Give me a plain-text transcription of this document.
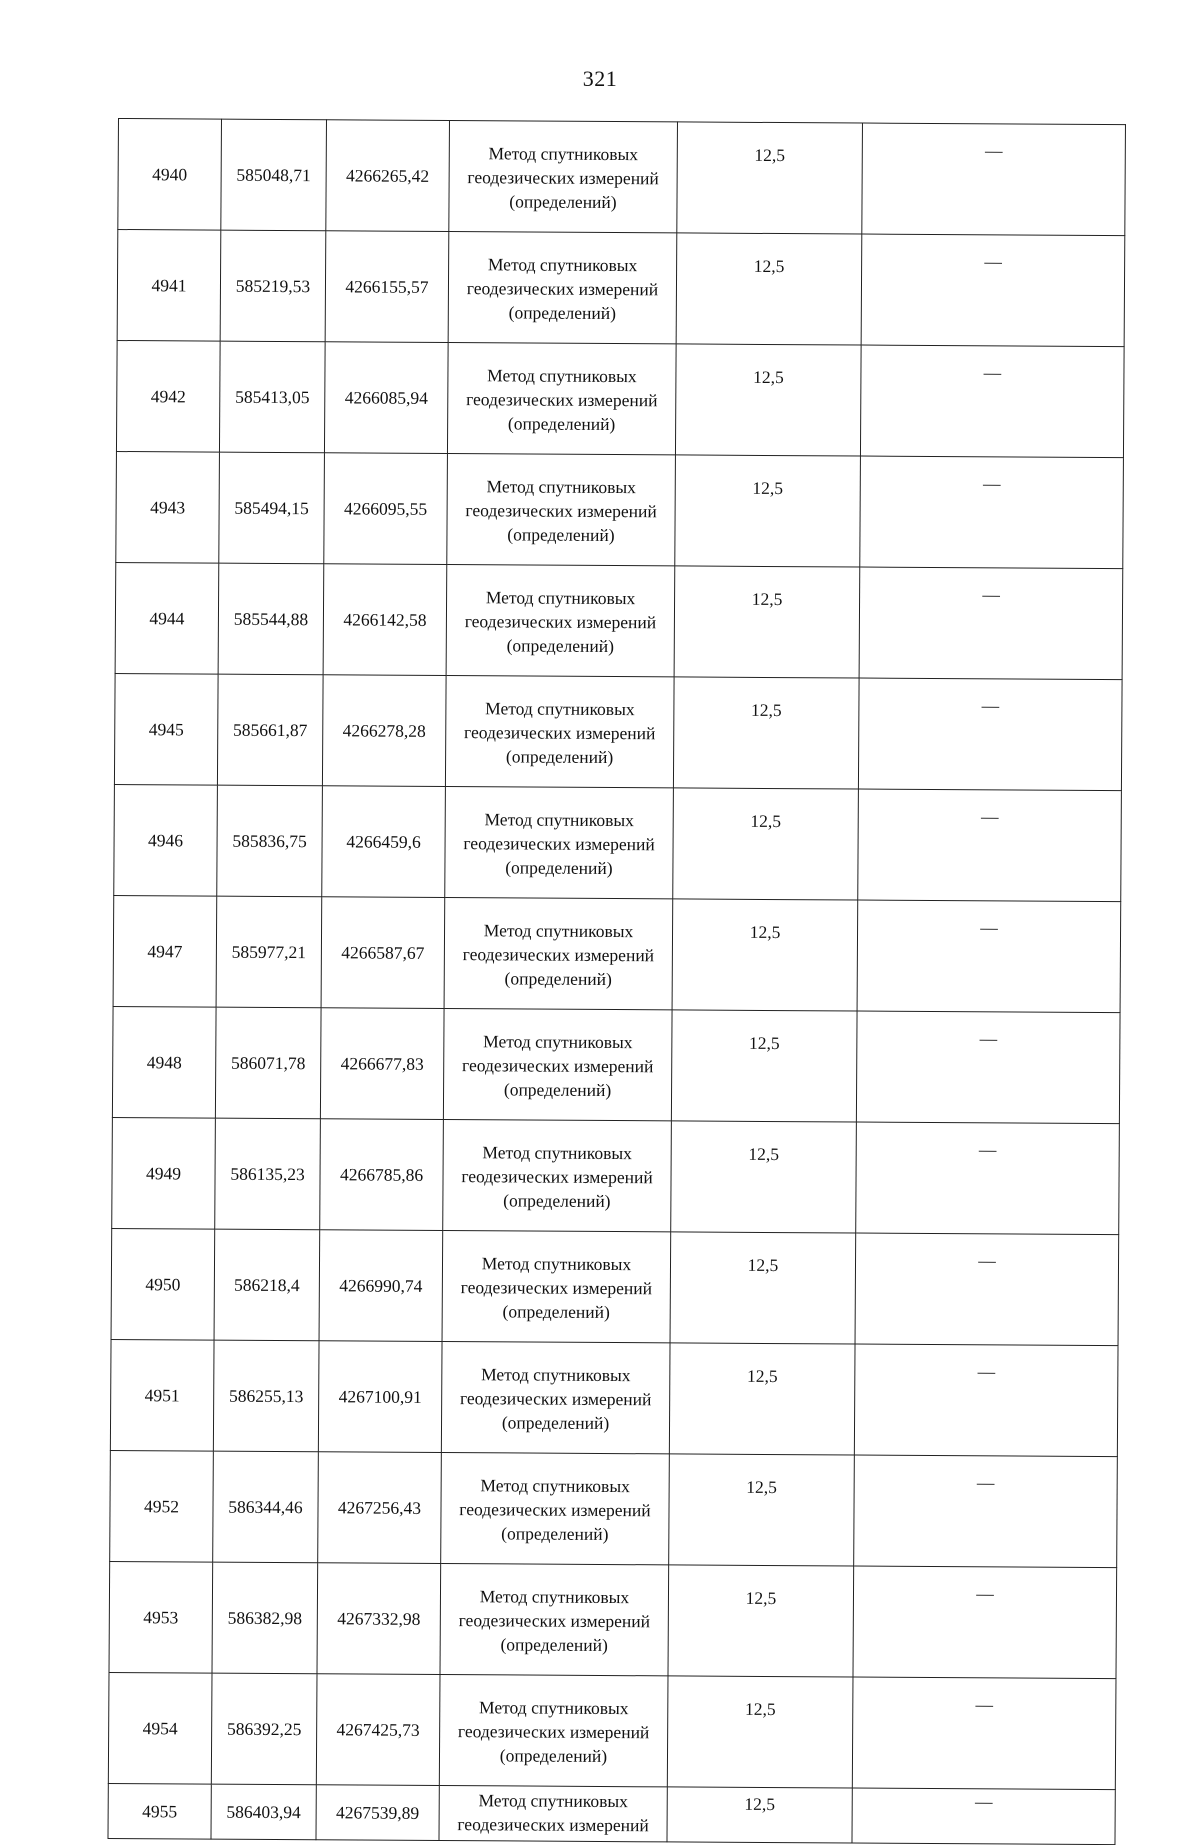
321
4940	585048,71	4266265,42	Метод спутниковых
геодезических измерений
(определений)	12,5	—
4941	585219,53	4266155,57	Метод спутниковых
геодезических измерений
(определений)	12,5	—
4942	585413,05	4266085,94	Метод спутниковых
геодезических измерений
(определений)	12,5	—
4943	585494,15	4266095,55	Метод спутниковых
геодезических измерений
(определений)	12,5	—
4944	585544,88	4266142,58	Метод спутниковых
геодезических измерений
(определений)	12,5	—
4945	585661,87	4266278,28	Метод спутниковых
геодезических измерений
(определений)	12,5	—
4946	585836,75	4266459,6	Метод спутниковых
геодезических измерений
(определений)	12,5	—
4947	585977,21	4266587,67	Метод спутниковых
геодезических измерений
(определений)	12,5	—
4948	586071,78	4266677,83	Метод спутниковых
геодезических измерений
(определений)	12,5	—
4949	586135,23	4266785,86	Метод спутниковых
геодезических измерений
(определений)	12,5	—
4950	586218,4	4266990,74	Метод спутниковых
геодезических измерений
(определений)	12,5	—
4951	586255,13	4267100,91	Метод спутниковых
геодезических измерений
(определений)	12,5	—
4952	586344,46	4267256,43	Метод спутниковых
геодезических измерений
(определений)	12,5	—
4953	586382,98	4267332,98	Метод спутниковых
геодезических измерений
(определений)	12,5	—
4954	586392,25	4267425,73	Метод спутниковых
геодезических измерений
(определений)	12,5	—
4955	586403,94	4267539,89	Метод спутниковых
геодезических измерений	12,5	—
